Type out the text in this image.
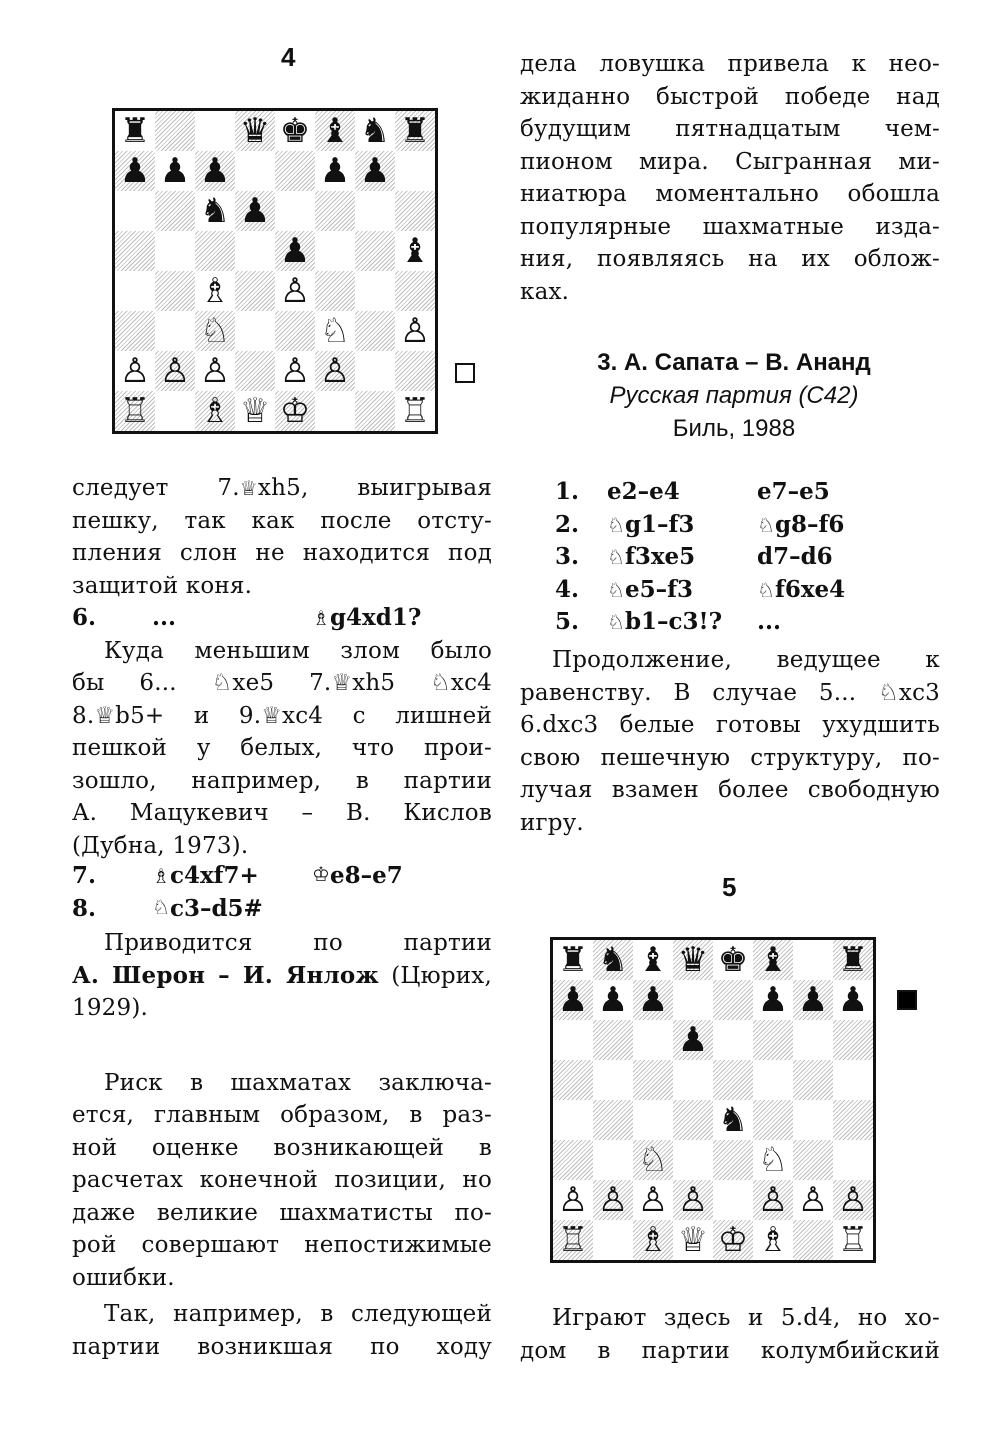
4
♜	♛ ♚ ♝ ♞ ♜
♟ ♟ ♟	♟ ♟
♞ ♟
♟	♝
♗ ♙
♘	♘ ♙
♙ ♙ ♙ ♙ ♙
♖ ♗ ♕ ♔	♖

следует 7.♕xh5, выигрывая

пешку, так как после отсту-

пления слон не находится под

защитой коня.

6.	...	♗ g4xd1?

Куда меньшим злом было

бы 6... ♘xe5 7.♕xh5 ♘xc4

8.♕b5+ и 9.♕xc4 с лишней

пешкой у белых, что прои-

зошло, например, в партии

А. Мацукевич – В. Кислов

(Дубна, 1973).

7.	♗c4xf7+	♔ e8–e7
8.	♘ c3–d5#

Приводится по партии

А. Шерон – И. Янлож (Цюрих,

1929).

Риск в шахматах заключа-

ется, главным образом, в раз-

ной оценке возникающей в

расчетах конечной позиции, но

даже великие шахматисты по-

рой совершают непостижимые

ошибки.

Так, например, в следующей

партии возникшая по ходу

дела ловушка привела к нео-

жиданно быстрой победе над

будущим пятнадцатым чем-

пионом мира. Сыгранная ми-

ниатюра моментально обошла

популярные шахматные изда-

ния, появляясь на их облож-

ках.

3. А. Сапата – В. Ананд
Русская партия (С42)
Биль, 1988
1.	e2–e4	e7–e5
2.	♘g1–f3	♘g8–f6
3.	♘f3xe5	d7–d6
4.	♘e5–f3	♘f6xe4
5.	♘b1–c3!?	...

Продолжение, ведущее к

равенству. В случае 5... ♘xc3

6.dxc3 белые готовы ухудшить

свою пешечную структуру, по-

лучая взамен более свободную

игру.

5
♜ ♞ ♝ ♛ ♚ ♝ ♜
♟ ♟ ♟	♟ ♟ ♟
♟
♞
♘	♘
♙ ♙ ♙ ♙ ♙ ♙ ♙
♖ ♗ ♕ ♔ ♗ ♖

Играют здесь и 5.d4, но хо-

дом в партии колумбийский
